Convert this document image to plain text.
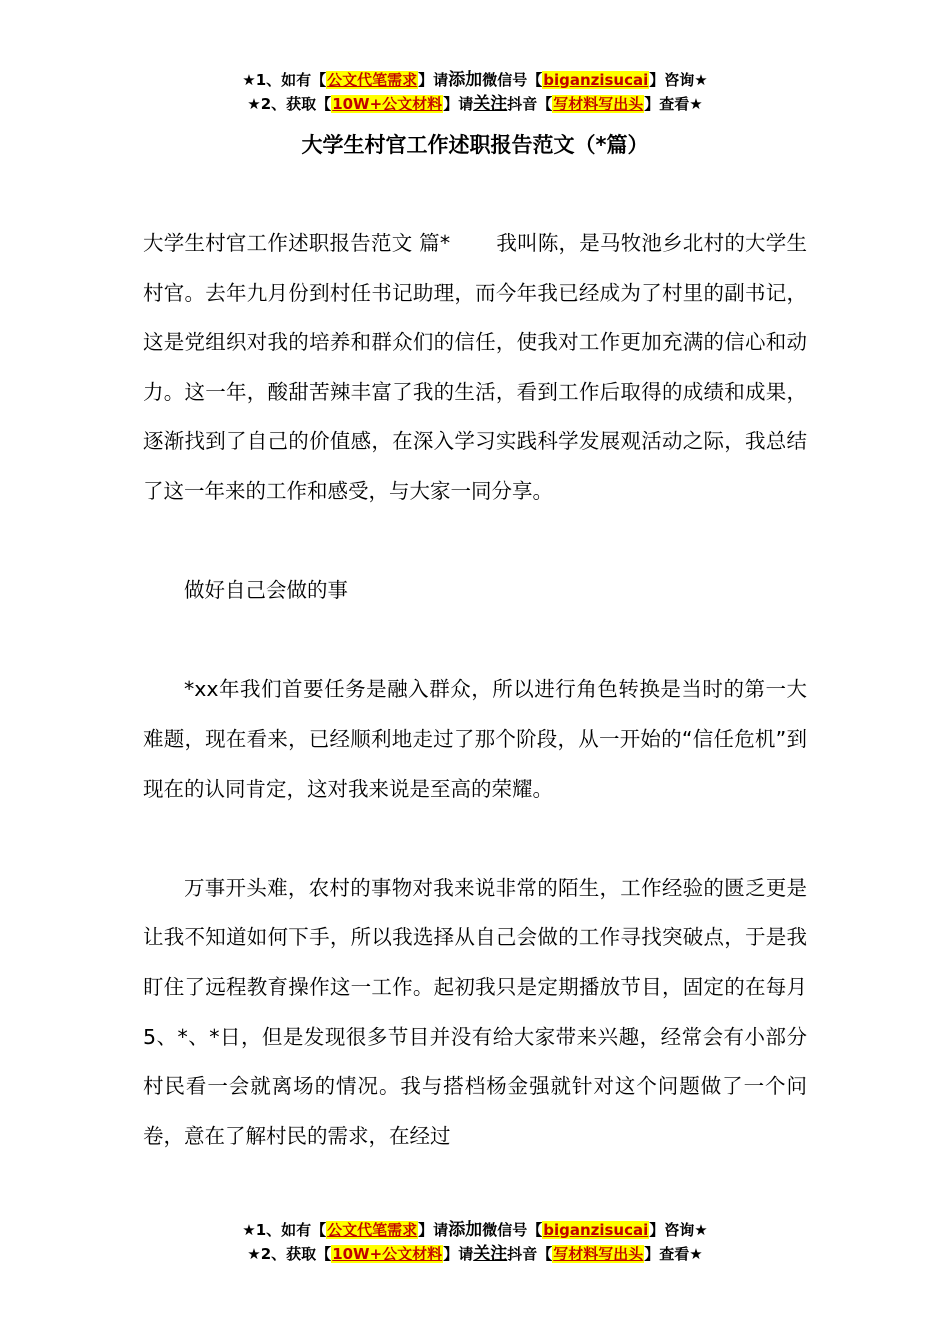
★1、如有【公文代笔需求】请添加微信号【biganzisucai】咨询★
★2、获取【10W+公文材料】请关注抖音【写材料写出头】查看★
大学生村官工作述职报告范文（*篇）

大学生村官工作述职报告范文 篇* 我叫陈，是马牧池乡北村的大学生村官。去年九月份到村任书记助理，而今年我已经成为了村里的副书记，这是党组织对我的培养和群众们的信任，使我对工作更加充满的信心和动力。这一年，酸甜苦辣丰富了我的生活，看到工作后取得的成绩和成果，逐渐找到了自己的价值感，在深入学习实践科学发展观活动之际，我总结了这一年来的工作和感受，与大家一同分享。

做好自己会做的事

*xx年我们首要任务是融入群众，所以进行角色转换是当时的第一大难题，现在看来，已经顺利地走过了那个阶段，从一开始的“信任危机”到现在的认同肯定，这对我来说是至高的荣耀。

万事开头难，农村的事物对我来说非常的陌生，工作经验的匮乏更是让我不知道如何下手，所以我选择从自己会做的工作寻找突破点，于是我盯住了远程教育操作这一工作。起初我只是定期播放节目，固定的在每月5、*、*日，但是发现很多节目并没有给大家带来兴趣，经常会有小部分村民看一会就离场的情况。我与搭档杨金强就针对这个问题做了一个问卷，意在了解村民的需求，在经过

★1、如有【公文代笔需求】请添加微信号【biganzisucai】咨询★
★2、获取【10W+公文材料】请关注抖音【写材料写出头】查看★
